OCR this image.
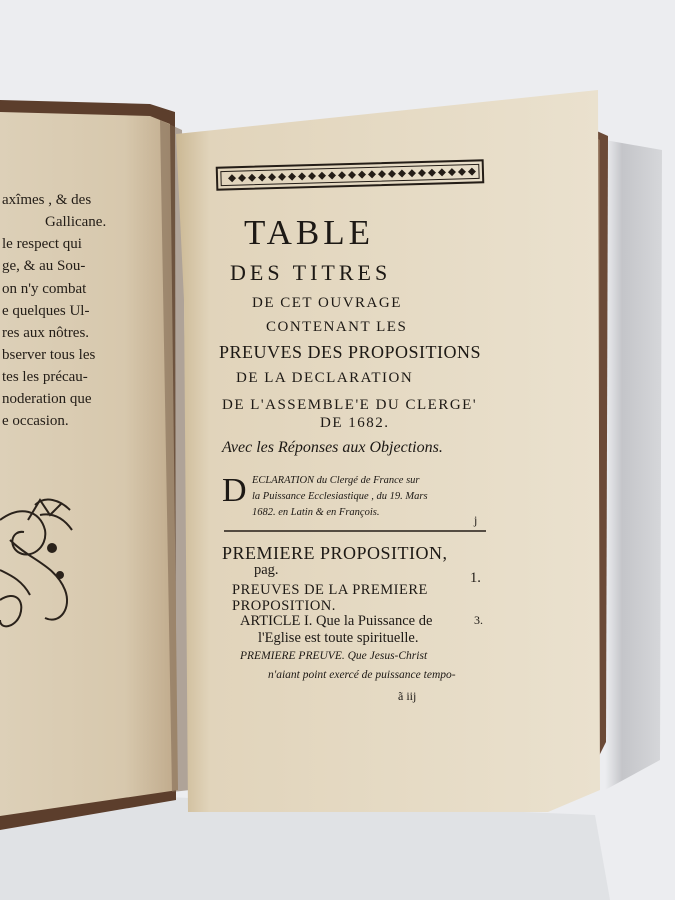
axîmes , & des
Gallicane.
le respect qui
ge, & au Sou-
on n'y combat
e quelques Ul-
res aux nôtres.
bserver tous les
tes les précau-
noderation que
e occasion.
TABLE
DES TITRES
DE CET OUVRAGE
CONTENANT LES
PREUVES DES PROPOSITIONS
DE LA DECLARATION
DE L'ASSEMBLE'E DU CLERGE'
DE 1682.
Avec les Réponses aux Objections.
D ECLARATION du Clergé de France sur
la Puissance Ecclesiastique , du 19. Mars
1682. en Latin & en François.
j
PREMIERE PROPOSITION,
pag.	1.
PREUVES DE LA PREMIERE
PROPOSITION.
ARTICLE I. Que la Puissance de	3.
l'Eglise est toute spirituelle.
PREMIERE PREUVE. Que Jesus-Christ
n'aiant point exercé de puissance tempo-
ã iij
